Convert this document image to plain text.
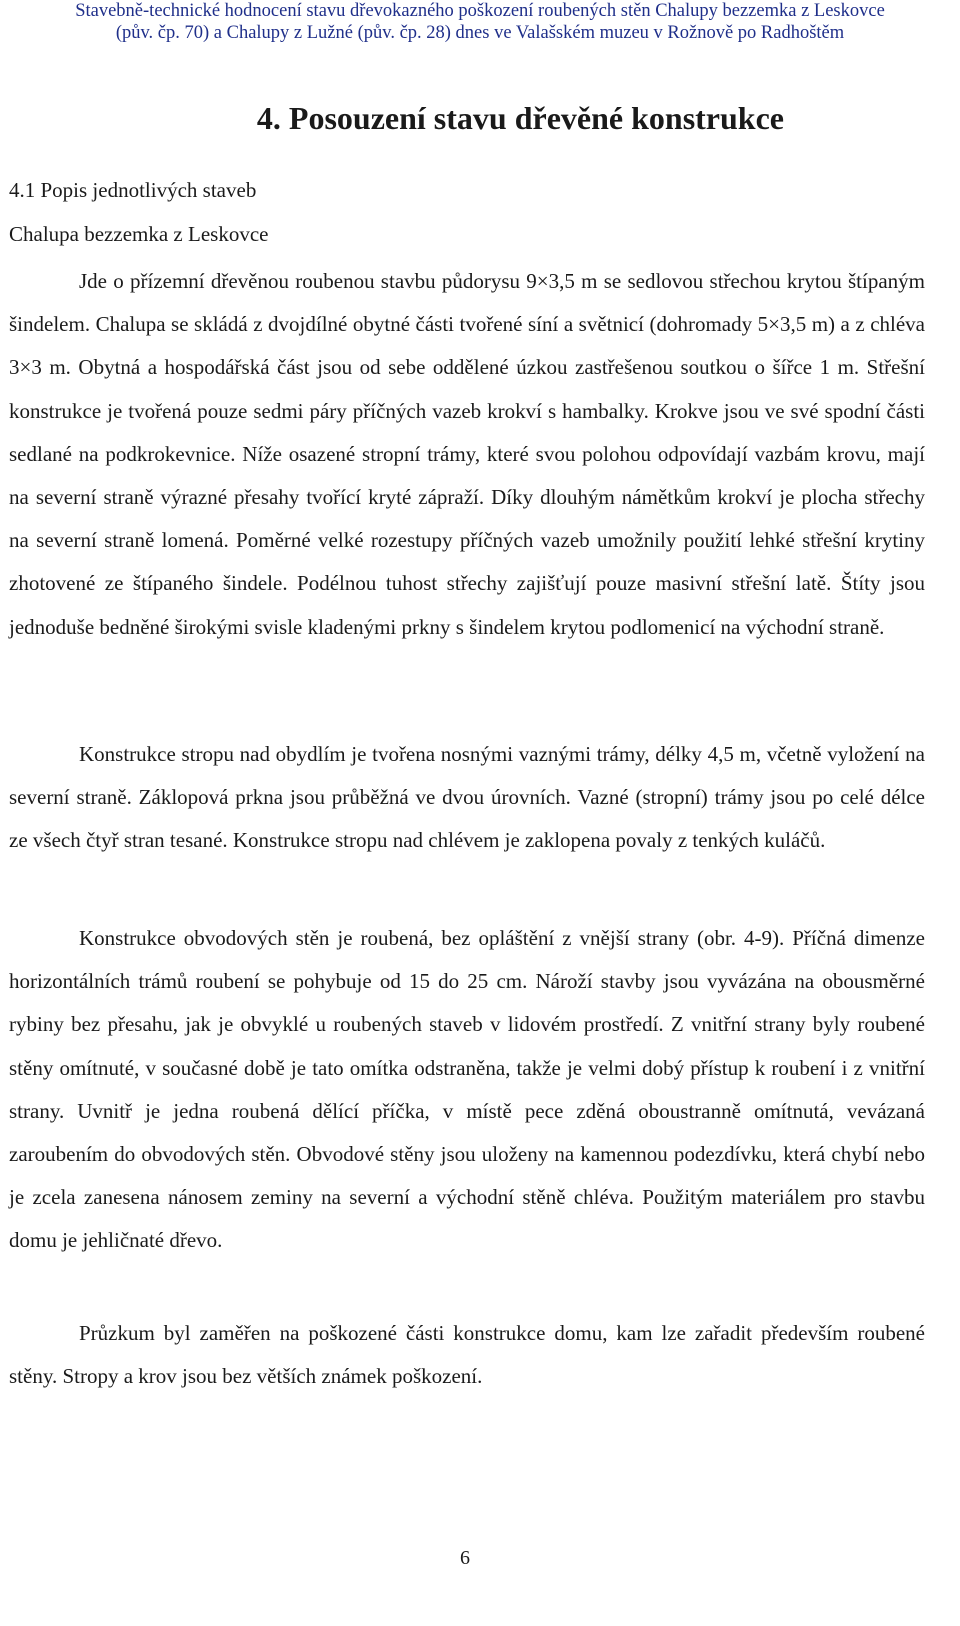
Stavebně-technické hodnocení stavu dřevokazného poškození roubených stěn Chalupy bezzemka z Leskovce
(pův. čp. 70) a Chalupy z Lužné (pův. čp. 28) dnes ve Valašském muzeu v Rožnově po Radhoštěm
4. Posouzení stavu dřevěné konstrukce
4.1 Popis jednotlivých staveb
Chalupa bezzemka z Leskovce

Jde o přízemní dřevěnou roubenou stavbu půdorysu 9×3,5 m se sedlovou střechou krytou štípaným šindelem. Chalupa se skládá z dvojdílné obytné části tvořené síní a světnicí (dohromady 5×3,5 m) a z chléva 3×3 m. Obytná a hospodářská část jsou od sebe oddělené úzkou zastřešenou soutkou o šířce 1 m. Střešní konstrukce je tvořená pouze sedmi páry příčných vazeb krokví s hambalky. Krokve jsou ve své spodní části sedlané na podkrokevnice. Níže osazené stropní trámy, které svou polohou odpovídají vazbám krovu, mají na severní straně výrazné přesahy tvořící kryté zápraží. Díky dlouhým námětkům krokví je plocha střechy na severní straně lomená. Poměrné velké rozestupy příčných vazeb umožnily použití lehké střešní krytiny zhotovené ze štípaného šindele. Podélnou tuhost střechy zajišťují pouze masivní střešní latě. Štíty jsou jednoduše bedněné širokými svisle kladenými prkny s šindelem krytou podlomenicí na východní straně.

Konstrukce stropu nad obydlím je tvořena nosnými vaznými trámy, délky 4,5 m, včetně vyložení na severní straně. Záklopová prkna jsou průběžná ve dvou úrovních. Vazné (stropní) trámy jsou po celé délce ze všech čtyř stran tesané. Konstrukce stropu nad chlévem je zaklopena povaly z tenkých kuláčů.

Konstrukce obvodových stěn je roubená, bez opláštění z vnější strany (obr. 4-9). Příčná dimenze horizontálních trámů roubení se pohybuje od 15 do 25 cm. Nároží stavby jsou vyvázána na obousměrné rybiny bez přesahu, jak je obvyklé u roubených staveb v lidovém prostředí. Z vnitřní strany byly roubené stěny omítnuté, v současné době je tato omítka odstraněna, takže je velmi dobý přístup k roubení i z vnitřní strany. Uvnitř je jedna roubená dělící příčka, v místě pece zděná oboustranně omítnutá, vevázaná zaroubením do obvodových stěn. Obvodové stěny jsou uloženy na kamennou podezdívku, která chybí nebo je zcela zanesena nánosem zeminy na severní a východní stěně chléva. Použitým materiálem pro stavbu domu je jehličnaté dřevo.

Průzkum byl zaměřen na poškozené části konstrukce domu, kam lze zařadit především roubené stěny. Stropy a krov jsou bez větších známek poškození.

6
